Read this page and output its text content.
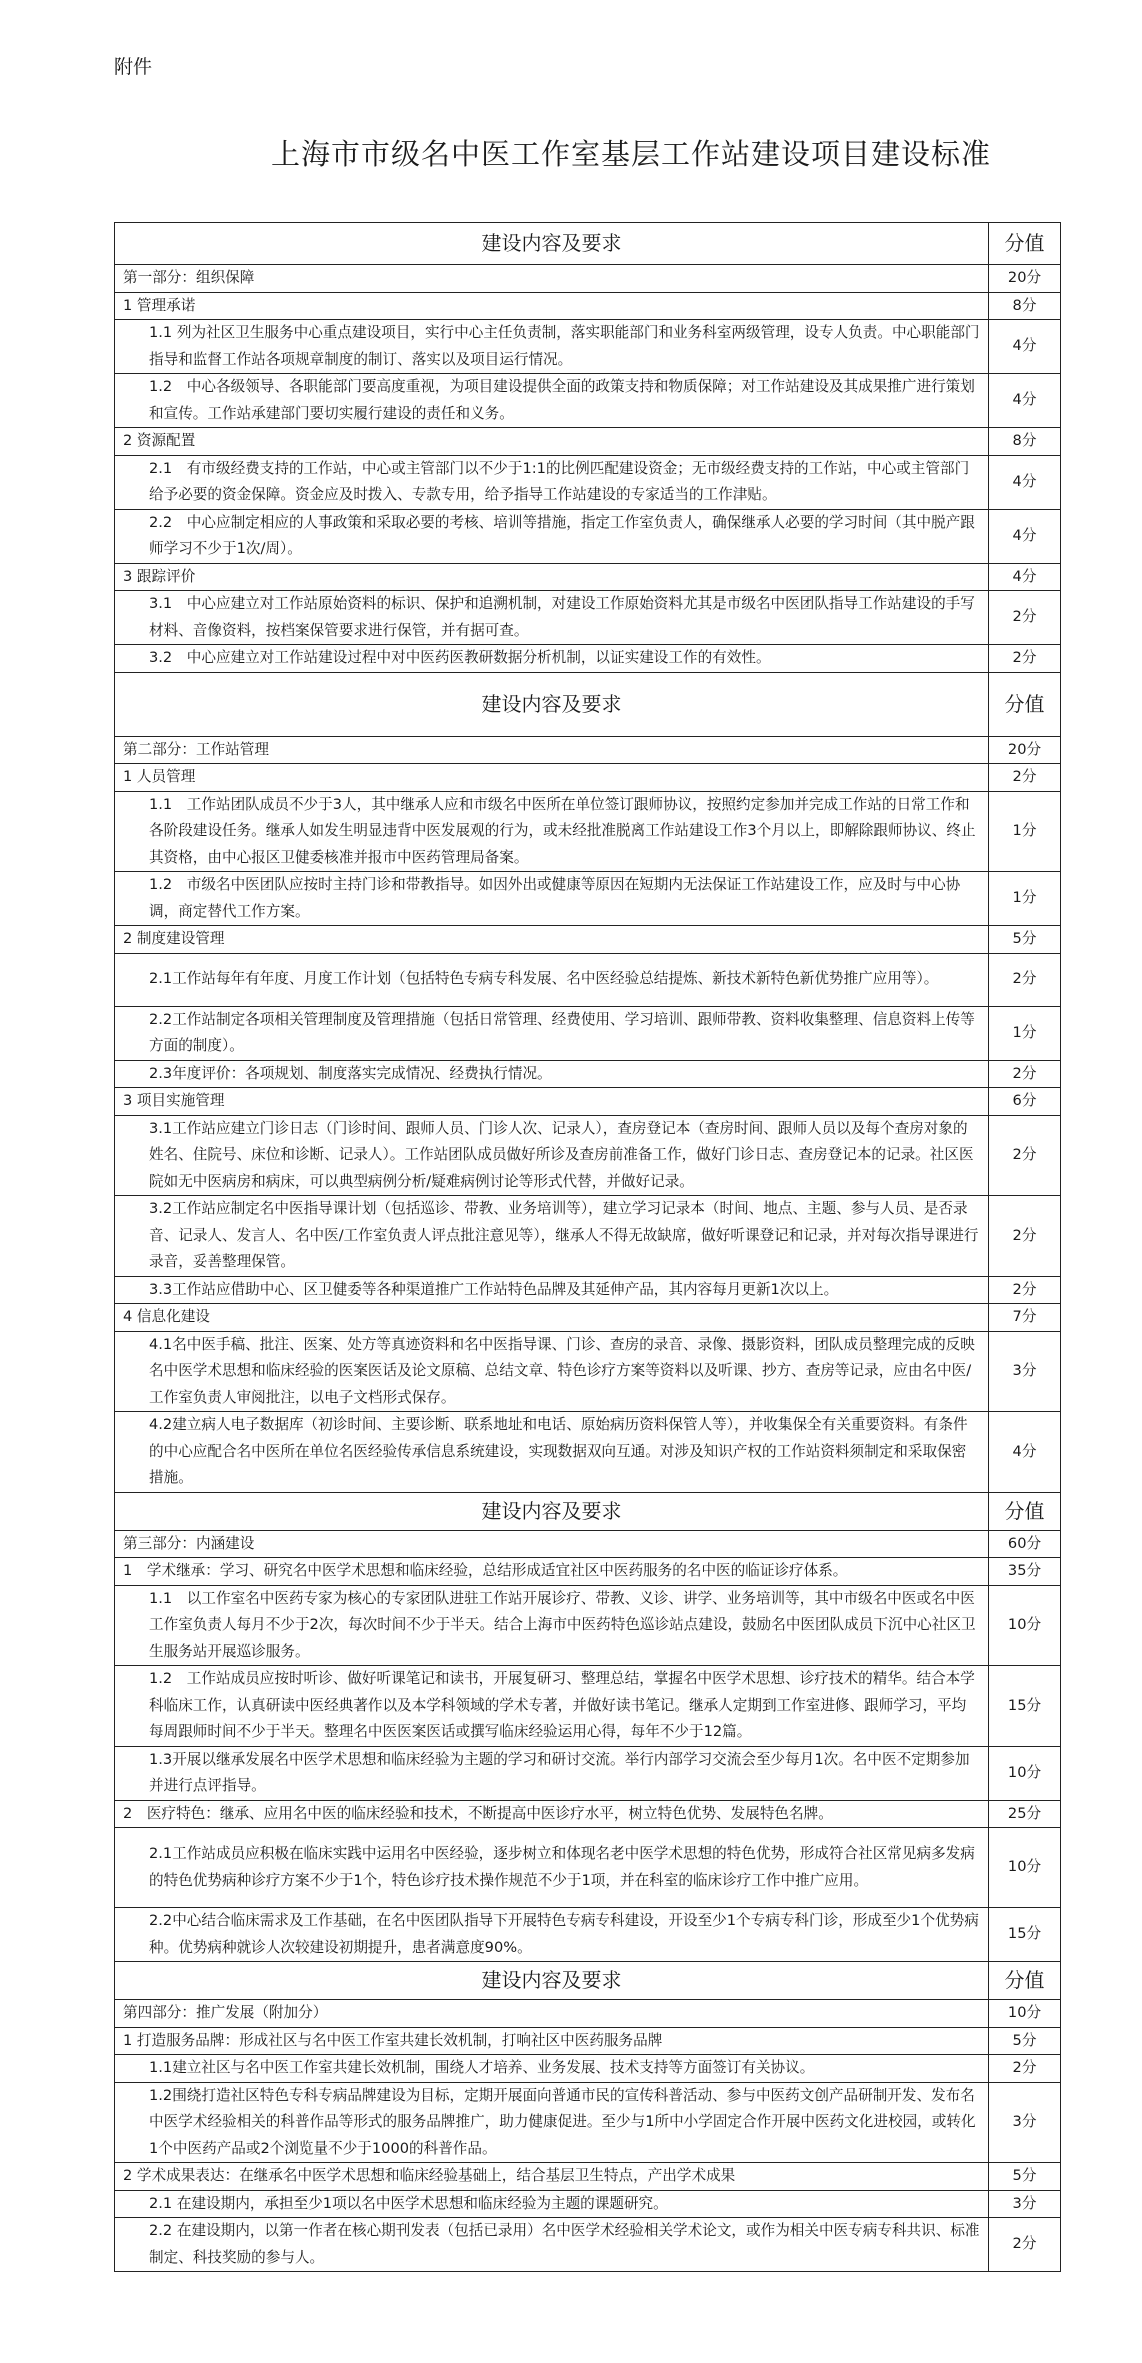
附件
上海市市级名中医工作室基层工作站建设项目建设标准
建设内容及要求	分值
第一部分：组织保障	20分
1 管理承诺	8分
1.1 列为社区卫生服务中心重点建设项目，实行中心主任负责制，落实职能部门和业务科室两级管理，设专人负责。中心职能部门指导和监督工作站各项规章制度的制订、落实以及项目运行情况。	4分
1.2　中心各级领导、各职能部门要高度重视，为项目建设提供全面的政策支持和物质保障；对工作站建设及其成果推广进行策划和宣传。工作站承建部门要切实履行建设的责任和义务。	4分
2 资源配置	8分
2.1　有市级经费支持的工作站，中心或主管部门以不少于1:1的比例匹配建设资金；无市级经费支持的工作站，中心或主管部门给予必要的资金保障。资金应及时拨入、专款专用，给予指导工作站建设的专家适当的工作津贴。	4分
2.2　中心应制定相应的人事政策和采取必要的考核、培训等措施，指定工作室负责人，确保继承人必要的学习时间（其中脱产跟师学习不少于1次/周）。	4分
3 跟踪评价	4分
3.1　中心应建立对工作站原始资料的标识、保护和追溯机制，对建设工作原始资料尤其是市级名中医团队指导工作站建设的手写材料、音像资料，按档案保管要求进行保管，并有据可查。	2分
3.2　中心应建立对工作站建设过程中对中医药医教研数据分析机制，以证实建设工作的有效性。	2分
建设内容及要求	分值
第二部分：工作站管理	20分
1 人员管理	2分
1.1　工作站团队成员不少于3人，其中继承人应和市级名中医所在单位签订跟师协议，按照约定参加并完成工作站的日常工作和各阶段建设任务。继承人如发生明显违背中医发展观的行为，或未经批准脱离工作站建设工作3个月以上，即解除跟师协议、终止其资格，由中心报区卫健委核准并报市中医药管理局备案。	1分
1.2　市级名中医团队应按时主持门诊和带教指导。如因外出或健康等原因在短期内无法保证工作站建设工作，应及时与中心协调，商定替代工作方案。	1分
2 制度建设管理	5分
2.1工作站每年有年度、月度工作计划（包括特色专病专科发展、名中医经验总结提炼、新技术新特色新优势推广应用等）。	2分
2.2工作站制定各项相关管理制度及管理措施（包括日常管理、经费使用、学习培训、跟师带教、资料收集整理、信息资料上传等方面的制度）。	1分
2.3年度评价：各项规划、制度落实完成情况、经费执行情况。	2分
3 项目实施管理	6分
3.1工作站应建立门诊日志（门诊时间、跟师人员、门诊人次、记录人），查房登记本（查房时间、跟师人员以及每个查房对象的姓名、住院号、床位和诊断、记录人）。工作站团队成员做好所诊及查房前准备工作，做好门诊日志、查房登记本的记录。社区医院如无中医病房和病床，可以典型病例分析/疑难病例讨论等形式代替，并做好记录。	2分
3.2工作站应制定名中医指导课计划（包括巡诊、带教、业务培训等），建立学习记录本（时间、地点、主题、参与人员、是否录音、记录人、发言人、名中医/工作室负责人评点批注意见等），继承人不得无故缺席，做好听课登记和记录，并对每次指导课进行录音，妥善整理保管。	2分
3.3工作站应借助中心、区卫健委等各种渠道推广工作站特色品牌及其延伸产品，其内容每月更新1次以上。	2分
4 信息化建设	7分
4.1名中医手稿、批注、医案、处方等真迹资料和名中医指导课、门诊、查房的录音、录像、摄影资料，团队成员整理完成的反映名中医学术思想和临床经验的医案医话及论文原稿、总结文章、特色诊疗方案等资料以及听课、抄方、查房等记录，应由名中医/工作室负责人审阅批注，以电子文档形式保存。	3分
4.2建立病人电子数据库（初诊时间、主要诊断、联系地址和电话、原始病历资料保管人等），并收集保全有关重要资料。有条件的中心应配合名中医所在单位名医经验传承信息系统建设，实现数据双向互通。对涉及知识产权的工作站资料须制定和采取保密措施。	4分
建设内容及要求	分值
第三部分：内涵建设	60分
1　学术继承：学习、研究名中医学术思想和临床经验，总结形成适宜社区中医药服务的名中医的临证诊疗体系。	35分
1.1　以工作室名中医药专家为核心的专家团队进驻工作站开展诊疗、带教、义诊、讲学、业务培训等，其中市级名中医或名中医工作室负责人每月不少于2次，每次时间不少于半天。结合上海市中医药特色巡诊站点建设，鼓励名中医团队成员下沉中心社区卫生服务站开展巡诊服务。	10分
1.2　工作站成员应按时听诊、做好听课笔记和读书，开展复研习、整理总结，掌握名中医学术思想、诊疗技术的精华。结合本学科临床工作，认真研读中医经典著作以及本学科领域的学术专著，并做好读书笔记。继承人定期到工作室进修、跟师学习，平均每周跟师时间不少于半天。整理名中医医案医话或撰写临床经验运用心得，每年不少于12篇。	15分
1.3开展以继承发展名中医学术思想和临床经验为主题的学习和研讨交流。举行内部学习交流会至少每月1次。名中医不定期参加并进行点评指导。	10分
2　医疗特色：继承、应用名中医的临床经验和技术，不断提高中医诊疗水平，树立特色优势、发展特色名牌。	25分
2.1工作站成员应积极在临床实践中运用名中医经验，逐步树立和体现名老中医学术思想的特色优势，形成符合社区常见病多发病的特色优势病种诊疗方案不少于1个，特色诊疗技术操作规范不少于1项，并在科室的临床诊疗工作中推广应用。	10分
2.2中心结合临床需求及工作基础，在名中医团队指导下开展特色专病专科建设，开设至少1个专病专科门诊，形成至少1个优势病种。优势病种就诊人次较建设初期提升，患者满意度90%。	15分
建设内容及要求	分值
第四部分：推广发展（附加分）	10分
1 打造服务品牌：形成社区与名中医工作室共建长效机制，打响社区中医药服务品牌	5分
1.1建立社区与名中医工作室共建长效机制，围绕人才培养、业务发展、技术支持等方面签订有关协议。	2分
1.2围绕打造社区特色专科专病品牌建设为目标，定期开展面向普通市民的宣传科普活动、参与中医药文创产品研制开发、发布名中医学术经验相关的科普作品等形式的服务品牌推广，助力健康促进。至少与1所中小学固定合作开展中医药文化进校园，或转化1个中医药产品或2个浏览量不少于1000的科普作品。	3分
2 学术成果表达：在继承名中医学术思想和临床经验基础上，结合基层卫生特点，产出学术成果	5分
2.1 在建设期内，承担至少1项以名中医学术思想和临床经验为主题的课题研究。	3分
2.2 在建设期内，以第一作者在核心期刊发表（包括已录用）名中医学术经验相关学术论文，或作为相关中医专病专科共识、标准制定、科技奖励的参与人。	2分
